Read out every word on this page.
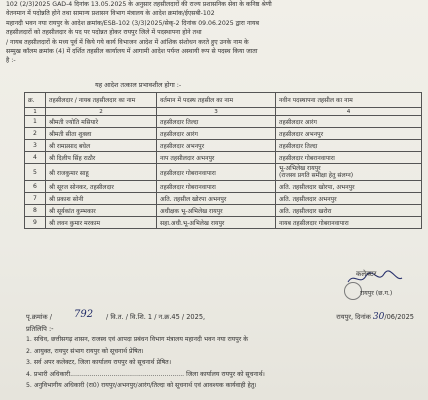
102 (2/3)2025 GAD-4 दिनांक 13.05.2025 के अनुसार तहसीलदारों की राज्य प्रशासनिक सेवा के कनिष्ठ श्रेणी
वेतनमान में पदोन्नति होने तथा सामान्य प्रशासन विभाग मंत्रालय के आदेश क्रमांक/ईएसबी-102
महानदी भवन नया रायपुर के आदेश क्रमांक/ESB-102 (3/3)2025/सेक्-2 दिनांक 09.06.2025 द्वारा नायब
तहसीलदारों को तहसीलदार के पद पर पदोन्नत होकर रायपुर जिले में पदस्थापना होने तथा
/ नायब तहसीलदारों के मध्य पूर्व में किये गये कार्य विभाजन आदेश में आंशिक संशोधन करते हुए उनके नाम के
सम्मुख कॉलम क्रमांक (4) में दर्शित तहसील कार्यालय में आगामी आदेश पर्यन्त अस्थायी रूप से पदस्थ किया जाता
है :-
यह आदेश तत्काल प्रभावशील होगा :-
क्र.	तहसीलदार / नायब तहसीलदार का नाम	वर्तमान में पदस्थ तहसील का नाम	नवीन पदस्थापना तहसील का नाम
1	2	3	4
1	श्रीमती ज्योति मसियारे	तहसीलदार तिल्दा	तहसीलदार आरंग
2	श्रीमती सीता शुक्ला	तहसीलदार आरंग	तहसीलदार अभनपुर
3	श्री रामप्रसाद बघेल	तहसीलदार अभनपुर	तहसीलदार तिल्दा
4	श्री दिलीप सिंह राठौर	नाप तहसीलदार अभनपुर	तहसीलदार गोबरानवापारा
5	श्री राजकुमार साहू	तहसीलदार गोबरानवापारा	भू-अभिलेख रायपुर
(राजस्व प्रगति समीक्षा हेतु संलग्न)

6	श्री सूरज सोनकर, तहसीलदार	तहसीलदार गोबरानवापारा	अति. तहसीलदार खोरपा, अभनपुर
7	श्री प्रकाश सोनी	अति. तहसील खोरपा अभनपुर	अति. तहसीलदार अभनपुर
8	श्री सूर्यकांत कुम्भकार	अधीक्षक भू-अभिलेख रायपुर	अति. तहसीलदार खरोरा
9	श्री लवन कुमार मरकाम	सहा.अधी.भू-अभिलेख रायपुर	नायब तहसीलदार गोबरानवापारा
कलेक्टर
रायपुर (छ.ग.)
पृ.क्रमांक / 792 / वि.त. / वि.शि. 1 / न.क्र.45 / 2025,	रायपुर, दिनांक 30/06/2025
प्रतिलिपि :-
1. सचिव, छत्तीसगढ़ शासन, राजस्व एवं आपदा प्रबंधन विभाग मंत्रालय महानदी भवन नया रायपुर के
2. आयुक्त, रायपुर संभाग रायपुर को सूचनार्थ प्रेषित।
3. सर्व अपर कलेक्टर, जिला कार्यालय रायपुर को सूचनार्थ प्रेषित।
4. प्रभारी अधिकारी.......................................................... जिला कार्यालय रायपुर को सूचनार्थ।
5. अनुविभागीय अधिकारी (रा0) रायपुर/अभनपुर/आरंग/तिल्दा को सूचनार्थ एवं आवश्यक कार्यवाही हेतु।
